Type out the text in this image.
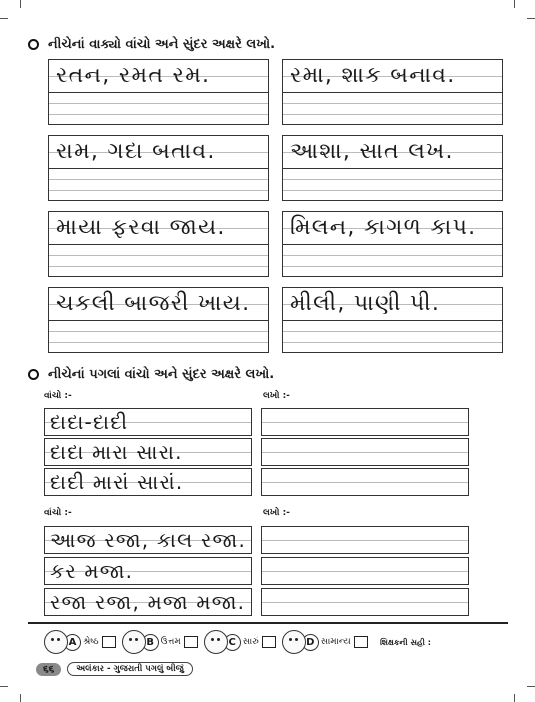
નીચેનાં વાક્યો વાંચો અને સુંદર અક્ષરે લખો.
રતન, રમત રમ.	રમા, શાક બનાવ.
રામ, ગદા બતાવ.	આશા, સાત લખ.
માયા ફરવા જાય.	મિલન, કાગળ કાપ.
ચકલી બાજરી ખાય. મીલી, પાણી પી.
નીચેનાં પગલાં વાંચો અને સુંદર અક્ષરે લખો.
વાંચો :-	લખો :-
દાદા-દાદી
દાદા મારા સારા.
દાદી મારાં સારાં.
વાંચો :-	લખો :-
આજ રજા, કાલ રજા.
કર મજા.
રજા રજા, મજા મજા.
A શ્રેષ્ઠ	B ઉત્તમ	C સારું	D સામાન્ય	શિક્ષકની સહી :
૬૬	અલંકાર - ગુજરાતી પગલું બીજું
